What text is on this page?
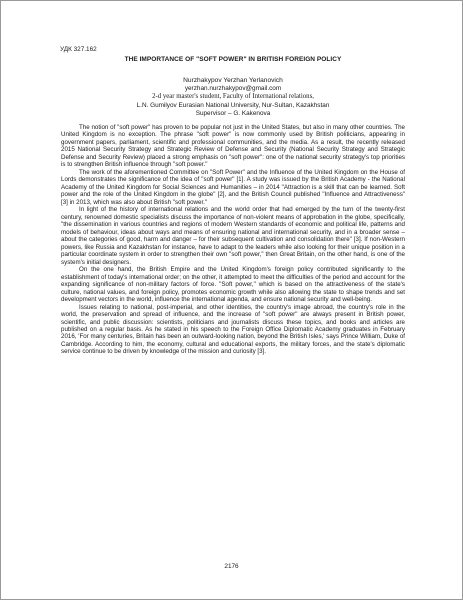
УДК 327.162
THE IMPORTANCE OF "SOFT POWER" IN BRITISH FOREIGN POLICY
Nurzhakypov Yerzhan Yerlanovich
yerzhan.nurzhakypov@gmail.com
2-d year master's student, Faculty of International relations,
L.N. Gumilyov Eurasian National University, Nur-Sultan, Kazakhstan
Supervisor – G. Kakenova

The notion of "soft power" has proven to be popular not just in the United States, but also in many other countries. The United Kingdom is no exception. The phrase "soft power" is now commonly used by British politicians, appearing in government papers, parliament, scientific and professional communities, and the media. As a result, the recently released 2015 National Security Strategy and Strategic Review of Defense and Security (National Security Strategy and Strategic Defense and Security Review) placed a strong emphasis on "soft power": one of the national security strategy's top priorities is to strengthen British influence through "soft power."

The work of the aforementioned Committee on "Soft Power" and the Influence of the United Kingdom on the House of Lords demonstrates the significance of the idea of "soft power" [1]. A study was issued by the British Academy - the National Academy of the United Kingdom for Social Sciences and Humanities – in 2014 "Attraction is a skill that can be learned. Soft power and the role of the United Kingdom in the globe" [2], and the British Council published "Influence and Attractiveness" [3] in 2013, which was also about British "soft power."

In light of the history of international relations and the world order that had emerged by the turn of the twenty-first century, renowned domestic specialists discuss the importance of non-violent means of approbation in the globe, specifically, "the dissemination in various countries and regions of modern Western standards of economic and political life, patterns and models of behaviour, ideas about ways and means of ensuring national and international security, and in a broader sense – about the categories of good, harm and danger – for their subsequent cultivation and consolidation there" [3]. If non-Western powers, like Russia and Kazakhstan for instance, have to adapt to the leaders while also looking for their unique position in a particular coordinate system in order to strengthen their own "soft power," then Great Britain, on the other hand, is one of the system's initial designers.

On the one hand, the British Empire and the United Kingdom's foreign policy contributed significantly to the establishment of today's international order; on the other, it attempted to meet the difficulties of the period and account for the expanding significance of non-military factors of force. "Soft power," which is based on the attractiveness of the state's culture, national values, and foreign policy, promotes economic growth while also allowing the state to shape trends and set development vectors in the world, influence the international agenda, and ensure national security and well-being.

Issues relating to national, post-imperial, and other identities, the country's image abroad, the country's role in the world, the preservation and spread of influence, and the increase of "soft power" are always present in British power, scientific, and public discussion: scientists, politicians and journalists discuss these topics, and books and articles are published on a regular basis. As he stated in his speech to the Foreign Office Diplomatic Academy graduates in February 2016, 'For many centuries, Britain has been an outward-looking nation, beyond the British Isles,' says Prince William, Duke of Cambridge. According to him, the economy, cultural and educational exports, the military forces, and the state's diplomatic service continue to be driven by knowledge of the mission and curiosity [3].

2176
